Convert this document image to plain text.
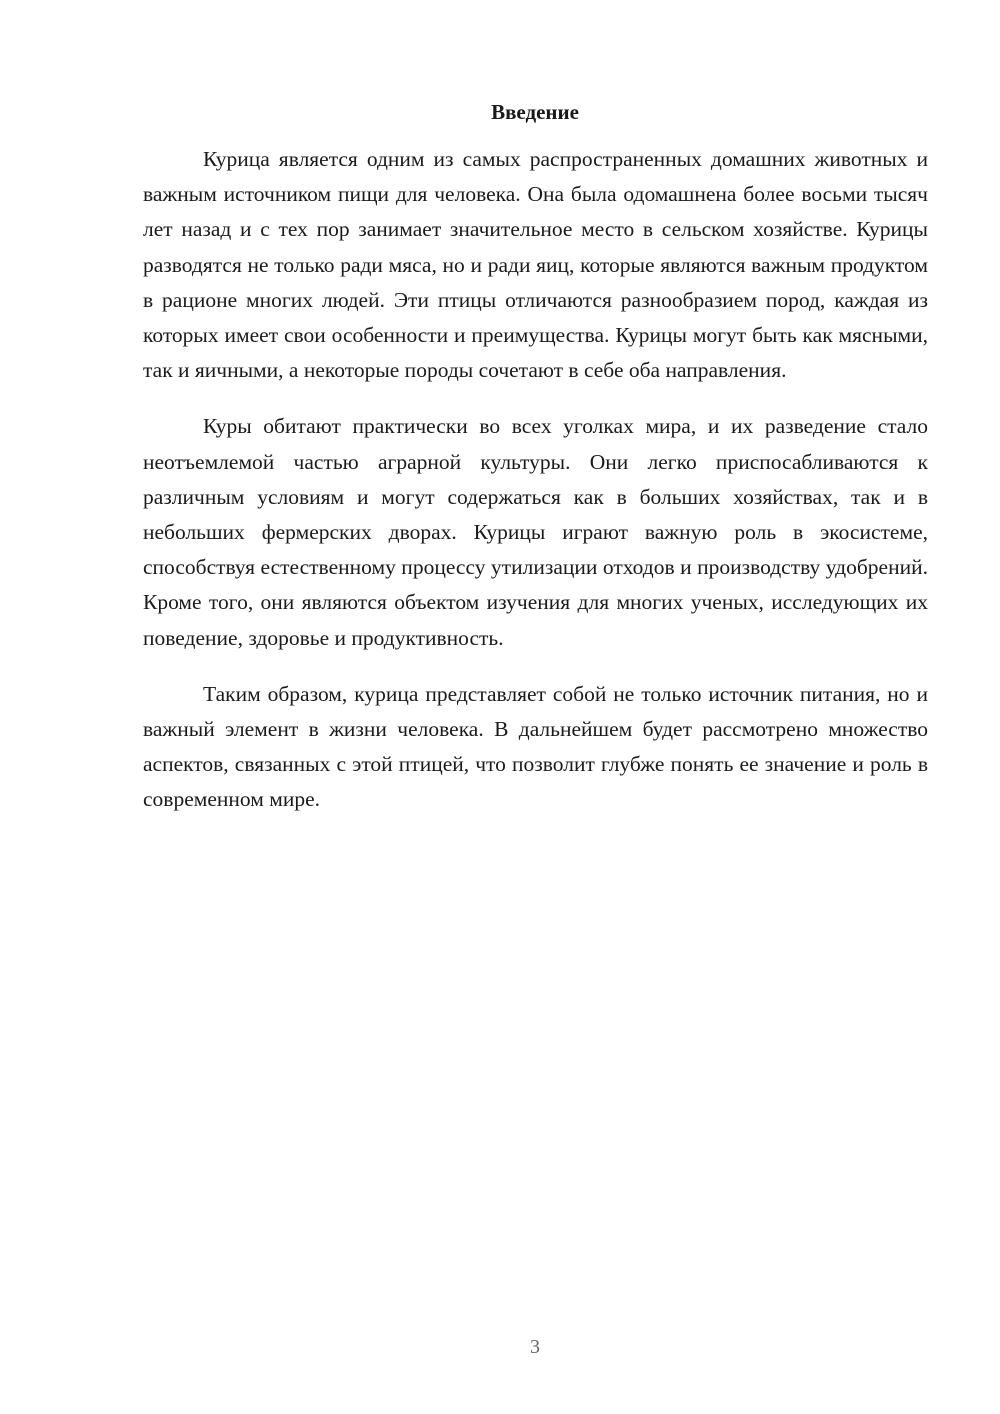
Введение

Курица является одним из самых распространенных домашних животных и важным источником пищи для человека. Она была одомашнена более восьми тысяч лет назад и с тех пор занимает значительное место в сельском хозяйстве. Курицы разводятся не только ради мяса, но и ради яиц, которые являются важным продуктом в рационе многих людей. Эти птицы отличаются разнообразием пород, каждая из которых имеет свои особенности и преимущества. Курицы могут быть как мясными, так и яичными, а некоторые породы сочетают в себе оба направления.

Куры обитают практически во всех уголках мира, и их разведение стало неотъемлемой частью аграрной культуры. Они легко приспосабливаются к различным условиям и могут содержаться как в больших хозяйствах, так и в небольших фермерских дворах. Курицы играют важную роль в экосистеме, способствуя естественному процессу утилизации отходов и производству удобрений. Кроме того, они являются объектом изучения для многих ученых, исследующих их поведение, здоровье и продуктивность.

Таким образом, курица представляет собой не только источник питания, но и важный элемент в жизни человека. В дальнейшем будет рассмотрено множество аспектов, связанных с этой птицей, что позволит глубже понять ее значение и роль в современном мире.

3
